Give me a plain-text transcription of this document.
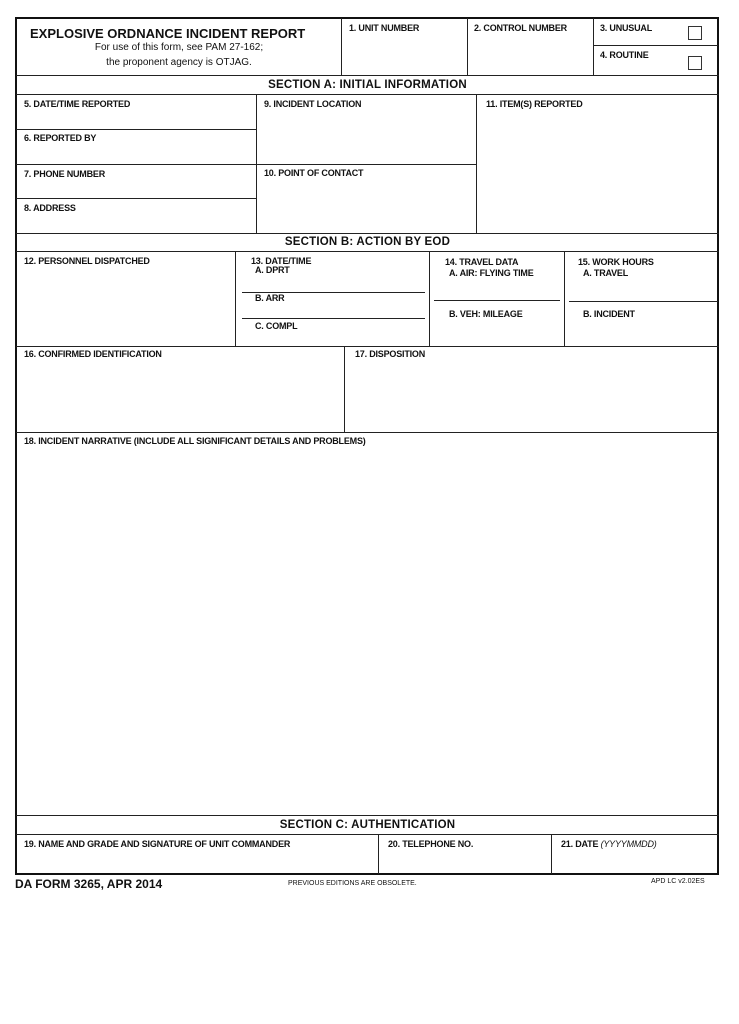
EXPLOSIVE ORDNANCE INCIDENT REPORT
For use of this form, see PAM 27-162;
the proponent agency is OTJAG.
1. UNIT NUMBER	2. CONTROL NUMBER	3. UNUSUAL
4. ROUTINE
SECTION A: INITIAL INFORMATION
5. DATE/TIME REPORTED
6. REPORTED BY
7. PHONE NUMBER
8. ADDRESS
9. INCIDENT LOCATION
10. POINT OF CONTACT
11. ITEM(S) REPORTED
SECTION B: ACTION BY EOD
12. PERSONNEL DISPATCHED	13. DATE/TIME
A. DPRT
B. ARR
C. COMPL
14. TRAVEL DATA
A. AIR: FLYING TIME
B. VEH: MILEAGE
15. WORK HOURS
A. TRAVEL
B. INCIDENT
16. CONFIRMED IDENTIFICATION	17. DISPOSITION
18. INCIDENT NARRATIVE (INCLUDE ALL SIGNIFICANT DETAILS AND PROBLEMS)
SECTION C: AUTHENTICATION
19. NAME AND GRADE AND SIGNATURE OF UNIT COMMANDER	20. TELEPHONE NO.	21. DATE (YYYYMMDD)
DA FORM 3265, APR 2014	PREVIOUS EDITIONS ARE OBSOLETE.	APD LC v2.02ES
